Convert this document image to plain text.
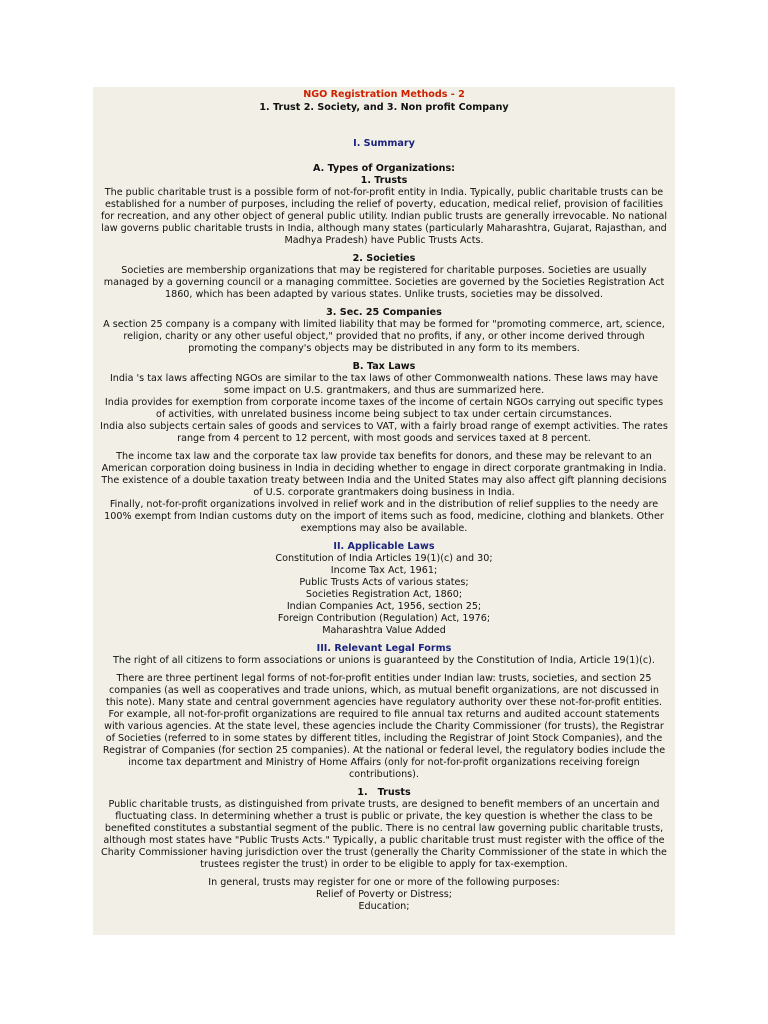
NGO Registration Methods - 2

1. Trust 2. Society, and 3. Non profit Company

I. Summary

A. Types of Organizations:

1. Trusts

The public charitable trust is a possible form of not-for-profit entity in India. Typically, public charitable trusts can be established for a number of purposes, including the relief of poverty, education, medical relief, provision of facilities for recreation, and any other object of general public utility. Indian public trusts are generally irrevocable. No national law governs public charitable trusts in India, although many states (particularly Maharashtra, Gujarat, Rajasthan, and Madhya Pradesh) have Public Trusts Acts.

2. Societies

Societies are membership organizations that may be registered for charitable purposes. Societies are usually managed by a governing council or a managing committee. Societies are governed by the Societies Registration Act 1860, which has been adapted by various states. Unlike trusts, societies may be dissolved.

3. Sec. 25 Companies

A section 25 company is a company with limited liability that may be formed for "promoting commerce, art, science, religion, charity or any other useful object," provided that no profits, if any, or other income derived through promoting the company's objects may be distributed in any form to its members.

B. Tax Laws

India 's tax laws affecting NGOs are similar to the tax laws of other Commonwealth nations. These laws may have some impact on U.S. grantmakers, and thus are summarized here.

India provides for exemption from corporate income taxes of the income of certain NGOs carrying out specific types of activities, with unrelated business income being subject to tax under certain circumstances.

India also subjects certain sales of goods and services to VAT, with a fairly broad range of exempt activities. The rates range from 4 percent to 12 percent, with most goods and services taxed at 8 percent.

The income tax law and the corporate tax law provide tax benefits for donors, and these may be relevant to an American corporation doing business in India in deciding whether to engage in direct corporate grantmaking in India. The existence of a double taxation treaty between India and the United States may also affect gift planning decisions of U.S. corporate grantmakers doing business in India.

Finally, not-for-profit organizations involved in relief work and in the distribution of relief supplies to the needy are 100% exempt from Indian customs duty on the import of items such as food, medicine, clothing and blankets. Other exemptions may also be available.

II. Applicable Laws

Constitution of India Articles 19(1)(c) and 30;

Income Tax Act, 1961;

Public Trusts Acts of various states;

Societies Registration Act, 1860;

Indian Companies Act, 1956, section 25;

Foreign Contribution (Regulation) Act, 1976;

Maharashtra Value Added

III. Relevant Legal Forms

The right of all citizens to form associations or unions is guaranteed by the Constitution of India, Article 19(1)(c).

There are three pertinent legal forms of not-for-profit entities under Indian law: trusts, societies, and section 25 companies (as well as cooperatives and trade unions, which, as mutual benefit organizations, are not discussed in this note). Many state and central government agencies have regulatory authority over these not-for-profit entities. For example, all not-for-profit organizations are required to file annual tax returns and audited account statements with various agencies. At the state level, these agencies include the Charity Commissioner (for trusts), the Registrar of Societies (referred to in some states by different titles, including the Registrar of Joint Stock Companies), and the Registrar of Companies (for section 25 companies). At the national or federal level, the regulatory bodies include the income tax department and Ministry of Home Affairs (only for not-for-profit organizations receiving foreign contributions).

1.   Trusts

Public charitable trusts, as distinguished from private trusts, are designed to benefit members of an uncertain and fluctuating class. In determining whether a trust is public or private, the key question is whether the class to be benefited constitutes a substantial segment of the public. There is no central law governing public charitable trusts, although most states have "Public Trusts Acts." Typically, a public charitable trust must register with the office of the Charity Commissioner having jurisdiction over the trust (generally the Charity Commissioner of the state in which the trustees register the trust) in order to be eligible to apply for tax-exemption.

In general, trusts may register for one or more of the following purposes:

Relief of Poverty or Distress;

Education;
